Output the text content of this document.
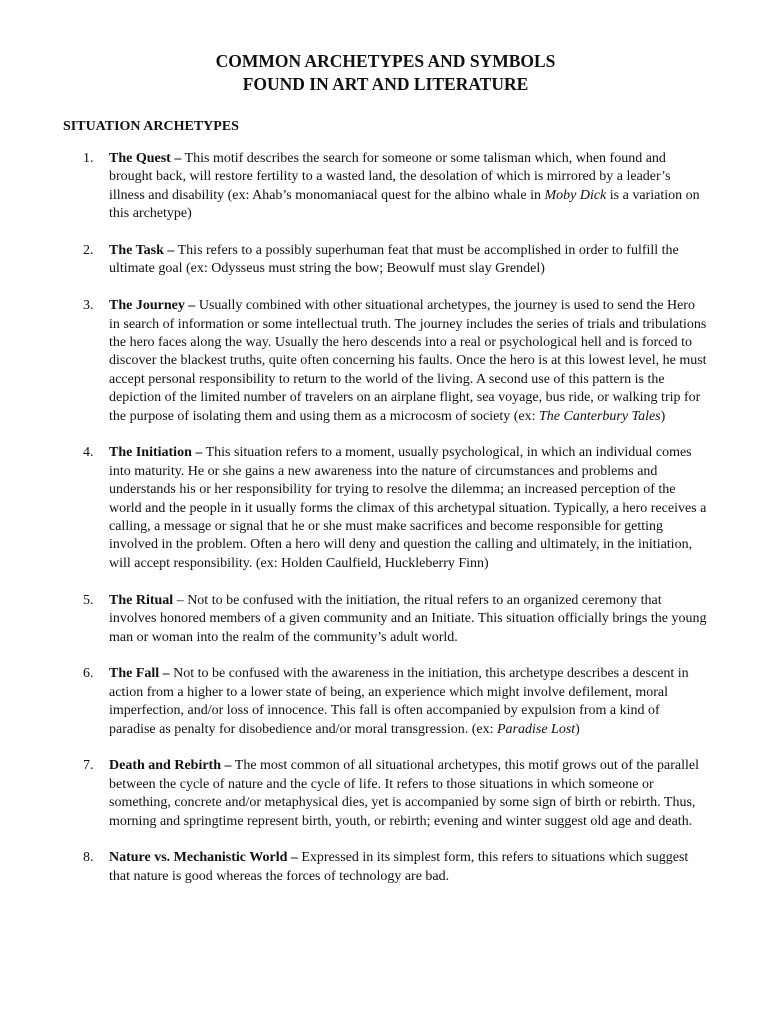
COMMON ARCHETYPES AND SYMBOLS
FOUND IN ART AND LITERATURE
SITUATION ARCHETYPES
1. The Quest – This motif describes the search for someone or some talisman which, when found and brought back, will restore fertility to a wasted land, the desolation of which is mirrored by a leader’s illness and disability (ex: Ahab’s monomaniacal quest for the albino whale in Moby Dick is a variation on this archetype)
2. The Task – This refers to a possibly superhuman feat that must be accomplished in order to fulfill the ultimate goal (ex: Odysseus must string the bow; Beowulf must slay Grendel)
3. The Journey – Usually combined with other situational archetypes, the journey is used to send the Hero in search of information or some intellectual truth. The journey includes the series of trials and tribulations the hero faces along the way. Usually the hero descends into a real or psychological hell and is forced to discover the blackest truths, quite often concerning his faults. Once the hero is at this lowest level, he must accept personal responsibility to return to the world of the living. A second use of this pattern is the depiction of the limited number of travelers on an airplane flight, sea voyage, bus ride, or walking trip for the purpose of isolating them and using them as a microcosm of society (ex: The Canterbury Tales)
4. The Initiation – This situation refers to a moment, usually psychological, in which an individual comes into maturity. He or she gains a new awareness into the nature of circumstances and problems and understands his or her responsibility for trying to resolve the dilemma; an increased perception of the world and the people in it usually forms the climax of this archetypal situation. Typically, a hero receives a calling, a message or signal that he or she must make sacrifices and become responsible for getting involved in the problem. Often a hero will deny and question the calling and ultimately, in the initiation, will accept responsibility. (ex: Holden Caulfield, Huckleberry Finn)
5. The Ritual – Not to be confused with the initiation, the ritual refers to an organized ceremony that involves honored members of a given community and an Initiate. This situation officially brings the young man or woman into the realm of the community’s adult world.
6. The Fall – Not to be confused with the awareness in the initiation, this archetype describes a descent in action from a higher to a lower state of being, an experience which might involve defilement, moral imperfection, and/or loss of innocence. This fall is often accompanied by expulsion from a kind of paradise as penalty for disobedience and/or moral transgression. (ex: Paradise Lost)
7. Death and Rebirth – The most common of all situational archetypes, this motif grows out of the parallel between the cycle of nature and the cycle of life. It refers to those situations in which someone or something, concrete and/or metaphysical dies, yet is accompanied by some sign of birth or rebirth. Thus, morning and springtime represent birth, youth, or rebirth; evening and winter suggest old age and death.
8. Nature vs. Mechanistic World – Expressed in its simplest form, this refers to situations which suggest that nature is good whereas the forces of technology are bad.
